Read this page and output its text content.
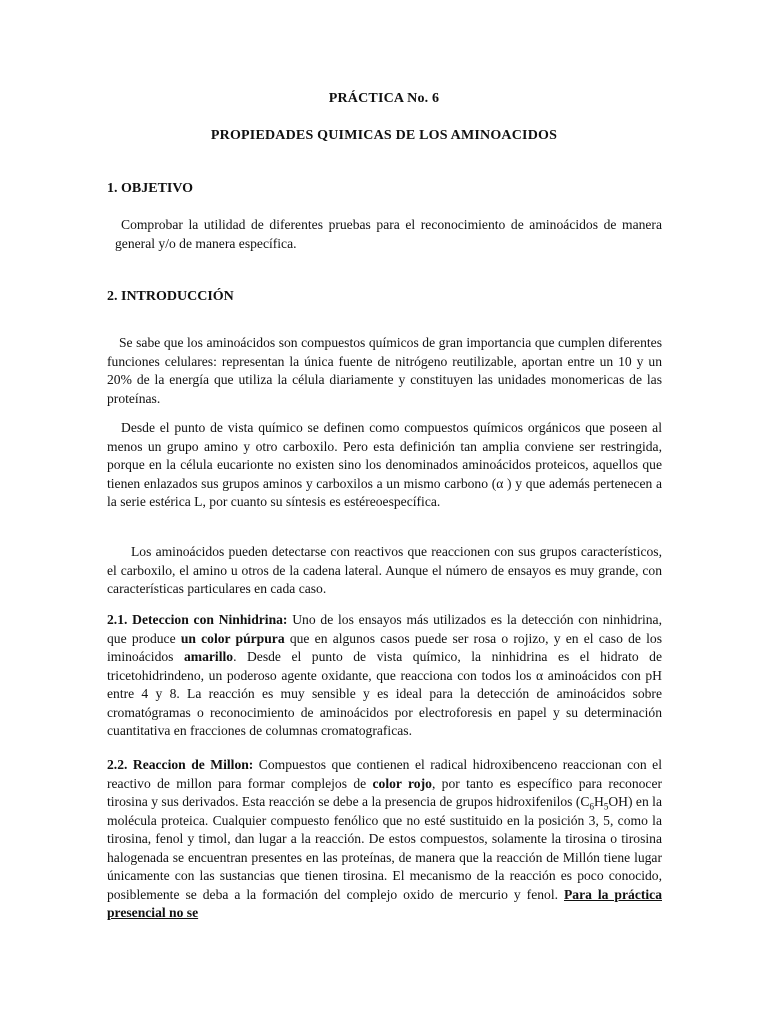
PRÁCTICA No. 6
PROPIEDADES QUIMICAS DE LOS AMINOACIDOS
1. OBJETIVO

Comprobar la utilidad de diferentes pruebas para el reconocimiento de aminoácidos de manera general y/o de manera específica.

2. INTRODUCCIÓN

Se sabe que los aminoácidos son compuestos químicos de gran importancia que cumplen diferentes funciones celulares: representan la única fuente de nitrógeno reutilizable, aportan entre un 10 y un 20% de la energía que utiliza la célula diariamente y constituyen las unidades monomericas de las proteínas.

Desde el punto de vista químico se definen como compuestos químicos orgánicos que poseen al menos un grupo amino y otro carboxilo. Pero esta definición tan amplia conviene ser restringida, porque en la célula eucarionte no existen sino los denominados aminoácidos proteicos, aquellos que tienen enlazados sus grupos aminos y carboxilos a un mismo carbono (α ) y que además pertenecen a la serie estérica L, por cuanto su síntesis es estéreoespecífica.

Los aminoácidos pueden detectarse con reactivos que reaccionen con sus grupos característicos, el carboxilo, el amino u otros de la cadena lateral. Aunque el número de ensayos es muy grande, con características particulares en cada caso.

2.1. Deteccion con Ninhidrina: Uno de los ensayos más utilizados es la detección con ninhidrina, que produce un color púrpura que en algunos casos puede ser rosa o rojizo, y en el caso de los iminoácidos amarillo. Desde el punto de vista químico, la ninhidrina es el hidrato de tricetohidrindeno, un poderoso agente oxidante, que reacciona con todos los α aminoácidos con pH entre 4 y 8. La reacción es muy sensible y es ideal para la detección de aminoácidos sobre cromatógramas o reconocimiento de aminoácidos por electroforesis en papel y su determinación cuantitativa en fracciones de columnas cromatograficas.

2.2. Reaccion de Millon: Compuestos que contienen el radical hidroxibenceno reaccionan con el reactivo de millon para formar complejos de color rojo, por tanto es específico para reconocer tirosina y sus derivados. Esta reacción se debe a la presencia de grupos hidroxifenilos $(C_6H_5OH)$ en la molécula proteica. Cualquier compuesto fenólico que no esté sustituido en la posición 3, 5, como la tirosina, fenol y timol, dan lugar a la reacción. De estos compuestos, solamente la tirosina o tirosina halogenada se encuentran presentes en las proteínas, de manera que la reacción de Millón tiene lugar únicamente con las sustancias que tienen tirosina. El mecanismo de la reacción es poco conocido, posiblemente se deba a la formación del complejo oxido de mercurio y fenol. Para la práctica presencial no se
